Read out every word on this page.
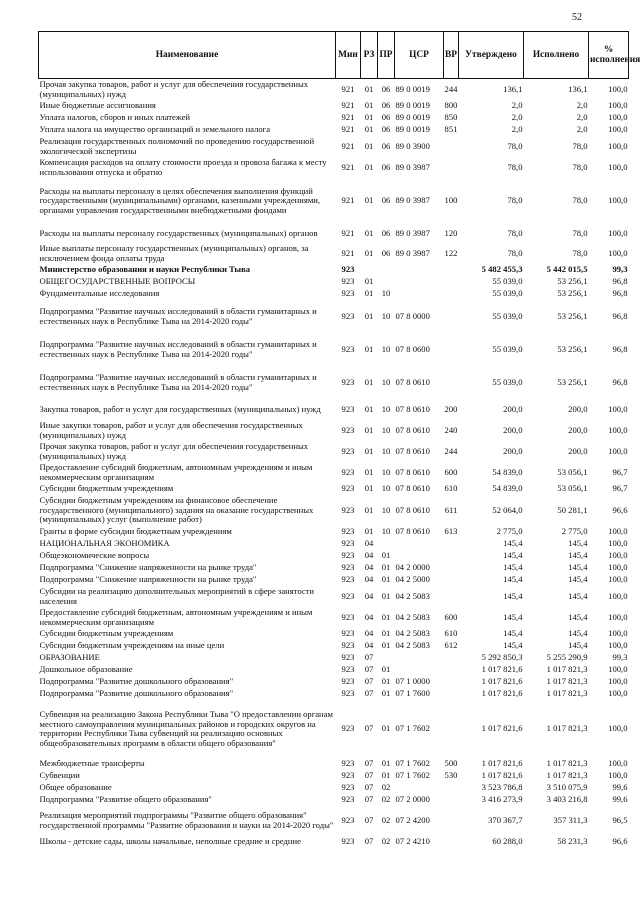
52
Наименование	Мин	РЗ	ПР	ЦСР	ВР	Утверждено	Исполнено	% исполнения
Прочая закупка товаров, работ и услуг для обеспечения государственных (муниципальных) нужд	921	01	06	89 0 0019	244	136,1	136,1	100,0
Иные бюджетные ассигнования	921	01	06	89 0 0019	800	2,0	2,0	100,0
Уплата налогов, сборов и иных платежей	921	01	06	89 0 0019	850	2,0	2,0	100,0
Уплата налога на имущество организаций и земельного налога	921	01	06	89 0 0019	851	2,0	2,0	100,0
Реализация государственных полномочий по проведению государственной экологической экспертизы	921	01	06	89 0 3900		78,0	78,0	100,0
Компенсация расходов на оплату стоимости проезда и провоза багажа к месту использования отпуска и обратно	921	01	06	89 0 3987		78,0	78,0	100,0
Расходы на выплаты персоналу в целях обеспечения выполнения функций государственными (муниципальными) органами, казенными учреждениями, органами управления государственными внебюджетными фондами	921	01	06	89 0 3987	100	78,0	78,0	100,0
Расходы на выплаты персоналу государственных (муниципальных) органов	921	01	06	89 0 3987	120	78,0	78,0	100,0
Иные выплаты персоналу государственных (муниципальных) органов, за исключением фонда оплаты труда	921	01	06	89 0 3987	122	78,0	78,0	100,0
Министерство образования и науки Республики Тыва	923					5 482 455,3	5 442 015,5	99,3
ОБЩЕГОСУДАРСТВЕННЫЕ ВОПРОСЫ	923	01				55 039,0	53 256,1	96,8
Фундаментальные исследования	923	01	10			55 039,0	53 256,1	96,8
Подпрограмма "Развитие научных исследований в области гуманитарных и естественных наук в Республике Тыва на 2014-2020 годы"	923	01	10	07 8 0000		55 039,0	53 256,1	96,8
Подпрограмма "Развитие научных исследований в области гуманитарных и естественных наук в Республике Тыва на 2014-2020 годы"	923	01	10	07 8 0600		55 039,0	53 256,1	96,8
Подпрограмма "Развитие научных исследований в области гуманитарных и естественных наук в Республике Тыва на 2014-2020 годы"	923	01	10	07 8 0610		55 039,0	53 256,1	96,8
Закупка товаров, работ и услуг для государственных (муниципальных) нужд	923	01	10	07 8 0610	200	200,0	200,0	100,0
Иные закупки товаров, работ и услуг для обеспечения государственных (муниципальных) нужд	923	01	10	07 8 0610	240	200,0	200,0	100,0
Прочая закупка товаров, работ и услуг для обеспечения государственных (муниципальных) нужд	923	01	10	07 8 0610	244	200,0	200,0	100,0
Предоставление субсидий бюджетным, автономным учреждениям и иным некоммерческим организациям	923	01	10	07 8 0610	600	54 839,0	53 056,1	96,7
Субсидии бюджетным учреждениям	923	01	10	07 8 0610	610	54 839,0	53 056,1	96,7
Субсидии бюджетным учреждениям на финансовое обеспечение государственного (муниципального) задания на оказание государственных (муниципальных) услуг (выполнение работ)	923	01	10	07 8 0610	611	52 064,0	50 281,1	96,6
Гранты в форме субсидии бюджетным учреждениям	923	01	10	07 8 0610	613	2 775,0	2 775,0	100,0
НАЦИОНАЛЬНАЯ ЭКОНОМИКА	923	04				145,4	145,4	100,0
Общеэкономические вопросы	923	04	01			145,4	145,4	100,0
Подпрограмма "Снижение напряженности на рынке труда"	923	04	01	04 2 0000		145,4	145,4	100,0
Подпрограмма "Снижение напряженности на рынке труда"	923	04	01	04 2 5000		145,4	145,4	100,0
Субсидии на реализацию дополнительных мероприятий в сфере занятости населения	923	04	01	04 2 5083		145,4	145,4	100,0
Предоставление субсидий бюджетным, автономным учреждениям и иным некоммерческим организациям	923	04	01	04 2 5083	600	145,4	145,4	100,0
Субсидии бюджетным учреждениям	923	04	01	04 2 5083	610	145,4	145,4	100,0
Субсидии бюджетным учреждениям на иные цели	923	04	01	04 2 5083	612	145,4	145,4	100,0
ОБРАЗОВАНИЕ	923	07				5 292 850,3	5 255 290,9	99,3
Дошкольное образование	923	07	01			1 017 821,6	1 017 821,3	100,0
Подпрограмма "Развитие дошкольного образования"	923	07	01	07 1 0000		1 017 821,6	1 017 821,3	100,0
Подпрограмма "Развитие дошкольного образования"	923	07	01	07 1 7600		1 017 821,6	1 017 821,3	100,0
Субвенция на реализацию Закона Республики Тыва "О предоставлении органам местного самоуправления муниципальных районов и городских округов на территории Республики Тыва субвенций на реализацию основных общеобразовательных программ в области общего образования"	923	07	01	07 1 7602		1 017 821,6	1 017 821,3	100,0
Межбюджетные трансферты	923	07	01	07 1 7602	500	1 017 821,6	1 017 821,3	100,0
Субвенции	923	07	01	07 1 7602	530	1 017 821,6	1 017 821,3	100,0
Общее образование	923	07	02			3 523 786,8	3 510 075,9	99,6
Подпрограмма "Развитие общего образования"	923	07	02	07 2 0000		3 416 273,9	3 403 216,8	99,6
Реализация мероприятий подпрограммы "Развитие общего образования" государственной программы "Развитие образования и науки на 2014-2020 годы"	923	07	02	07 2 4200		370 367,7	357 311,3	96,5
Школы - детские сады, школы начальные, неполные средние и средние	923	07	02	07 2 4210		60 288,0	58 231,3	96,6
